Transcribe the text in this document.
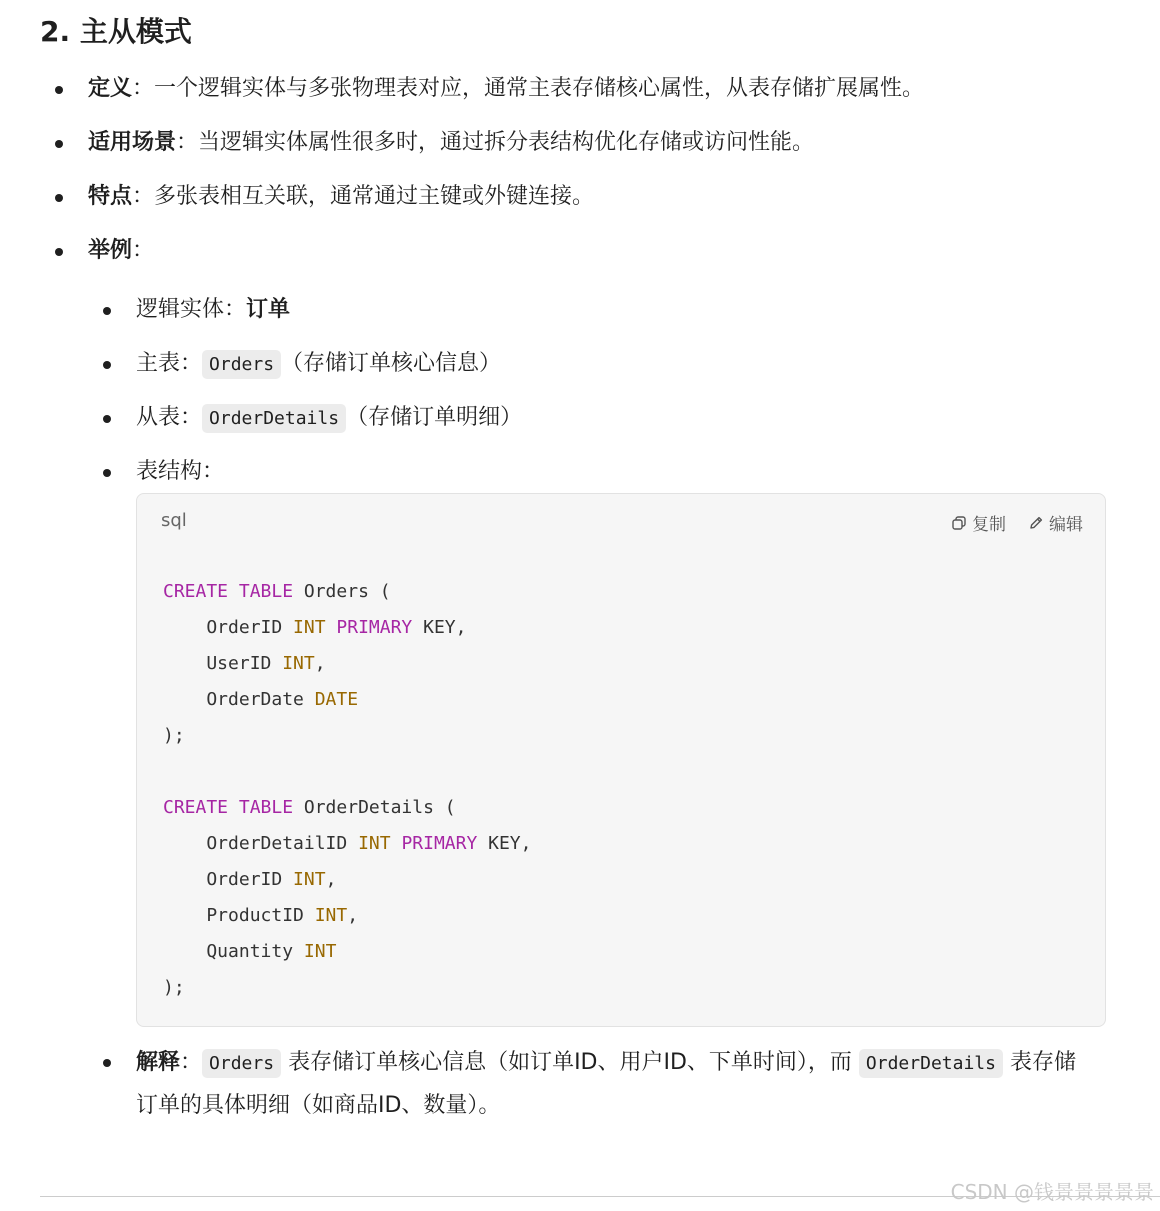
2. 主从模式
定义：一个逻辑实体与多张物理表对应，通常主表存储核心属性，从表存储扩展属性。
适用场景：当逻辑实体属性很多时，通过拆分表结构优化存储或访问性能。
特点：多张表相互关联，通常通过主键或外键连接。
举例：
逻辑实体：订单
主表： Orders （存储订单核心信息）
从表： OrderDetails （存储订单明细）
表结构：
sql	复制	编辑
CREATE TABLE Orders (
OrderID INT PRIMARY KEY,
UserID INT,
OrderDate DATE
);

CREATE TABLE OrderDetails (
OrderDetailID INT PRIMARY KEY,
OrderID INT,
ProductID INT,
Quantity INT
);
解释： Orders 表存储订单核心信息（如订单ID、用户ID、下单时间），而 OrderDetails 表存储订单的具体明细（如商品ID、数量）。
CSDN @钱景景景景景
